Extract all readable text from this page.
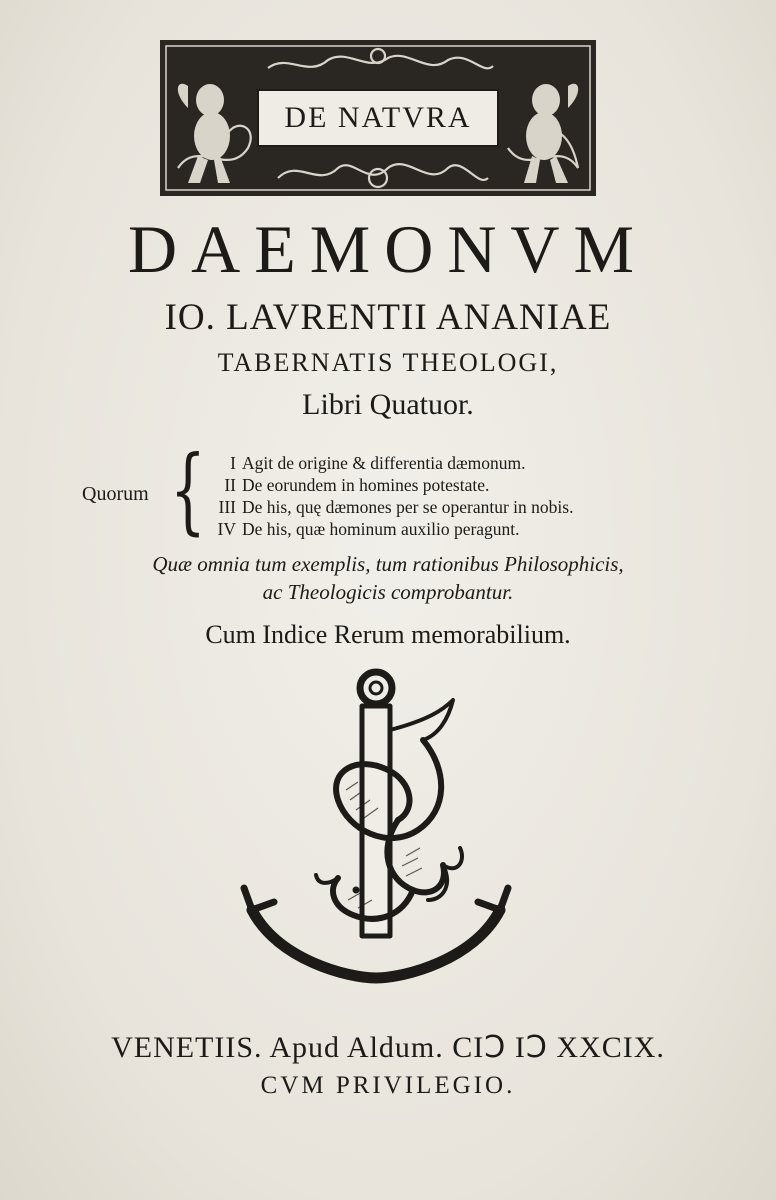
DE NATVRA
DAEMONVM
IO. LAVRENTII ANANIAE
TABERNATIS THEOLOGI,
Libri Quatuor.
Quorum {	I Agit de origine & differentia dæmonum.
II De eorundem in homines potestate.
III De his, quę dæmones per se operantur in nobis.
IV De his, quæ hominum auxilio peragunt.
Quæ omnia tum exemplis, tum rationibus Philosophicis,
ac Theologicis comprobantur.
Cum Indice Rerum memorabilium.
VENETIIS. Apud Aldum. CIↃ IↃ XXCIX.
CVM PRIVILEGIO.
